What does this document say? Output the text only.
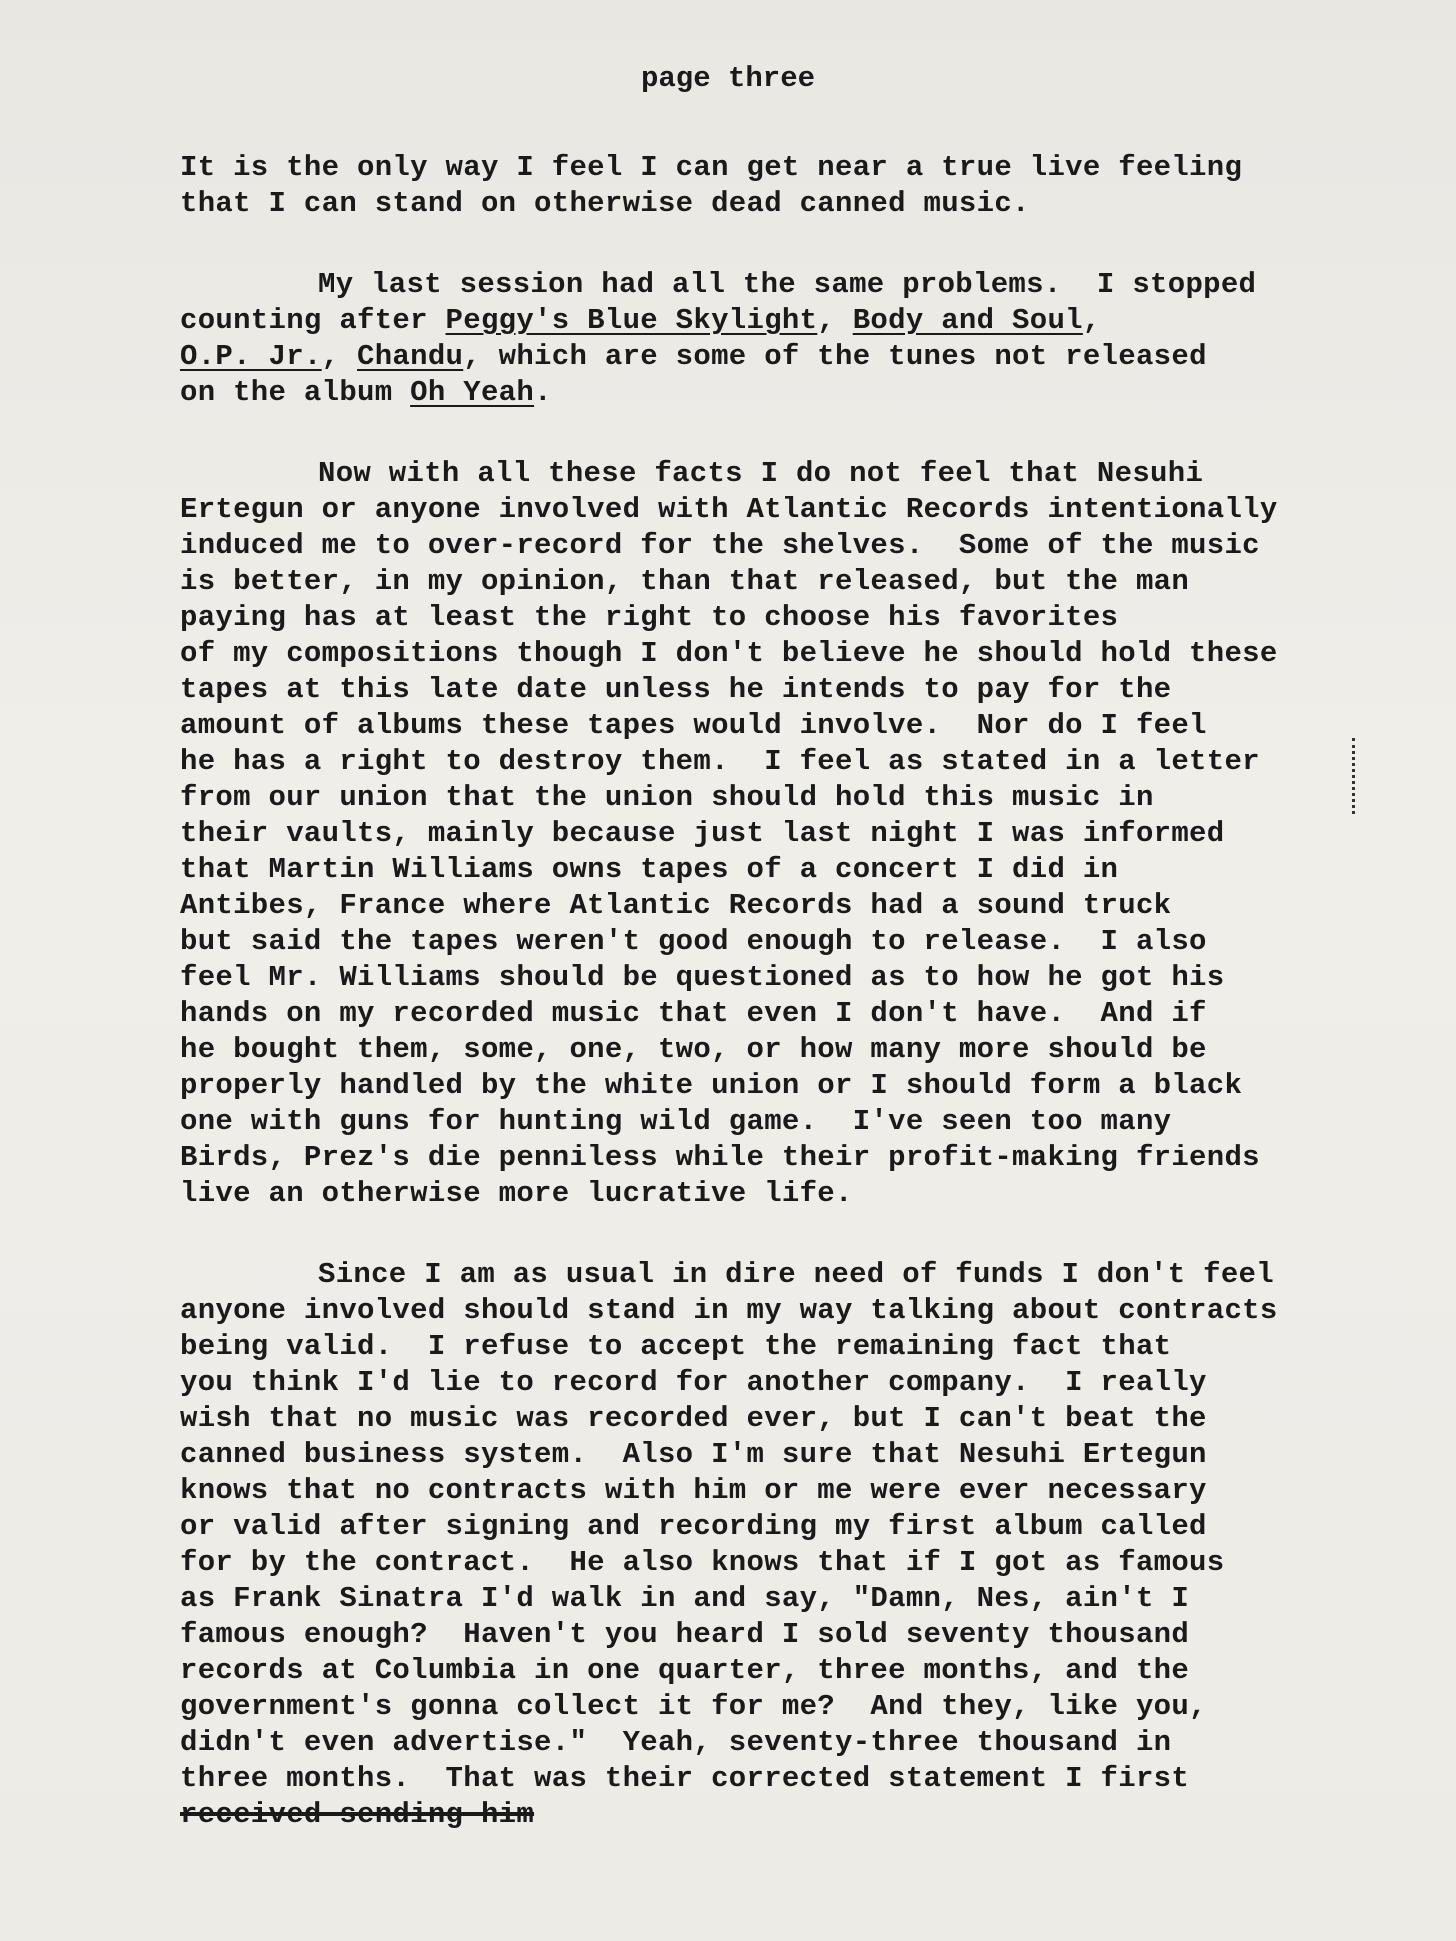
page three
It is the only way I feel I can get near a true live feeling
that I can stand on otherwise dead canned music.
My last session had all the same problems.  I stopped
counting after Peggy's Blue Skylight, Body and Soul,
O.P. Jr., Chandu, which are some of the tunes not released
on the album Oh Yeah.
Now with all these facts I do not feel that Nesuhi
Ertegun or anyone involved with Atlantic Records intentionally
induced me to over-record for the shelves.  Some of the music
is better, in my opinion, than that released, but the man
paying has at least the right to choose his favorites
of my compositions though I don't believe he should hold these
tapes at this late date unless he intends to pay for the
amount of albums these tapes would involve.  Nor do I feel
he has a right to destroy them.  I feel as stated in a letter
from our union that the union should hold this music in
their vaults, mainly because just last night I was informed
that Martin Williams owns tapes of a concert I did in
Antibes, France where Atlantic Records had a sound truck
but said the tapes weren't good enough to release.  I also
feel Mr. Williams should be questioned as to how he got his
hands on my recorded music that even I don't have.  And if
he bought them, some, one, two, or how many more should be
properly handled by the white union or I should form a black
one with guns for hunting wild game.  I've seen too many
Birds, Prez's die penniless while their profit-making friends
live an otherwise more lucrative life.
Since I am as usual in dire need of funds I don't feel
anyone involved should stand in my way talking about contracts
being valid.  I refuse to accept the remaining fact that
you think I'd lie to record for another company.  I really
wish that no music was recorded ever, but I can't beat the
canned business system.  Also I'm sure that Nesuhi Ertegun
knows that no contracts with him or me were ever necessary
or valid after signing and recording my first album called
for by the contract.  He also knows that if I got as famous
as Frank Sinatra I'd walk in and say, "Damn, Nes, ain't I
famous enough?  Haven't you heard I sold seventy thousand
records at Columbia in one quarter, three months, and the
government's gonna collect it for me?  And they, like you,
didn't even advertise."  Yeah, seventy-three thousand in
three months.  That was their corrected statement I first
received sending him
